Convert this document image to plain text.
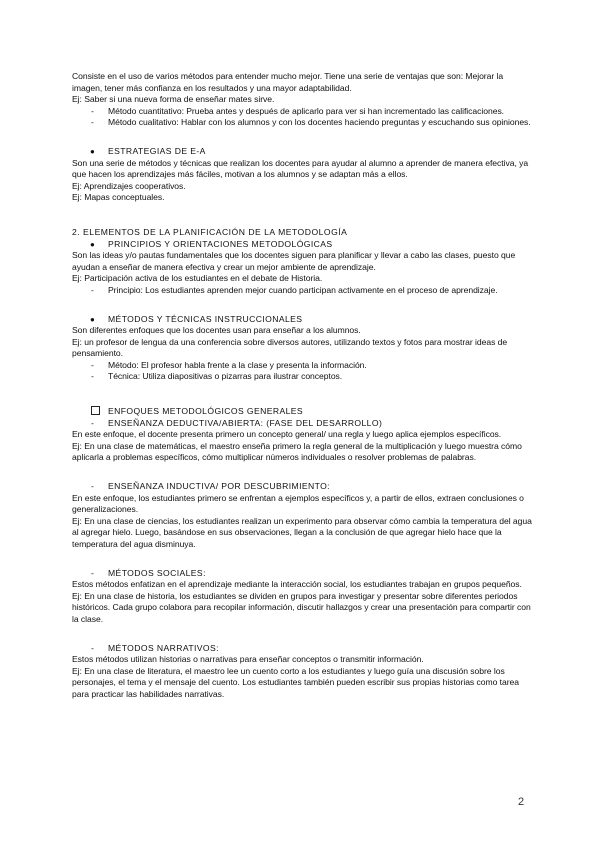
Consiste en el uso de varios métodos para entender mucho mejor. Tiene una serie de ventajas que son: Mejorar la imagen, tener más confianza en los resultados y una mayor adaptabilidad.

Ej: Saber si una nueva forma de enseñar mates sirve.

- Método cuantitativo: Prueba antes y después de aplicarlo para ver si han incrementado las calificaciones.
- Método cualitativo: Hablar con los alumnos y con los docentes haciendo preguntas y escuchando sus opiniones.
● ESTRATEGIAS DE E-A

Son una serie de métodos y técnicas que realizan los docentes para ayudar al alumno a aprender de manera efectiva, ya que hacen los aprendizajes más fáciles, motivan a los alumnos y se adaptan más a ellos.

Ej: Aprendizajes cooperativos.

Ej: Mapas conceptuales.

2. ELEMENTOS DE LA PLANIFICACIÓN DE LA METODOLOGÍA

● PRINCIPIOS Y ORIENTACIONES METODOLÓGICAS

Son las ideas y/o pautas fundamentales que los docentes siguen para planificar y llevar a cabo las clases, puesto que ayudan a enseñar de manera efectiva y crear un mejor ambiente de aprendizaje.

Ej: Participación activa de los estudiantes en el debate de Historia.

- Principio: Los estudiantes aprenden mejor cuando participan activamente en el proceso de aprendizaje.
● MÉTODOS Y TÉCNICAS INSTRUCCIONALES

Son diferentes enfoques que los docentes usan para enseñar a los alumnos.

Ej: un profesor de lengua da una conferencia sobre diversos autores, utilizando textos y fotos para mostrar ideas de pensamiento.

- Método: El profesor habla frente a la clase y presenta la información.
- Técnica: Utiliza diapositivas o pizarras para ilustrar conceptos.
ENFOQUES METODOLÓGICOS GENERALES
- ENSEÑANZA DEDUCTIVA/ABIERTA: (FASE DEL DESARROLLO)

En este enfoque, el docente presenta primero un concepto general/ una regla y luego aplica ejemplos específicos.

Ej: En una clase de matemáticas, el maestro enseña primero la regla general de la multiplicación y luego muestra cómo aplicarla a problemas específicos, cómo multiplicar números individuales o resolver problemas de palabras.

- ENSEÑANZA INDUCTIVA/ POR DESCUBRIMIENTO:

En este enfoque, los estudiantes primero se enfrentan a ejemplos específicos y, a partir de ellos, extraen conclusiones o generalizaciones.

Ej: En una clase de ciencias, los estudiantes realizan un experimento para observar cómo cambia la temperatura del agua al agregar hielo. Luego, basándose en sus observaciones, llegan a la conclusión de que agregar hielo hace que la temperatura del agua disminuya.

- MÉTODOS SOCIALES:

Estos métodos enfatizan en el aprendizaje mediante la interacción social, los estudiantes trabajan en grupos pequeños.

Ej: En una clase de historia, los estudiantes se dividen en grupos para investigar y presentar sobre diferentes periodos históricos. Cada grupo colabora para recopilar información, discutir hallazgos y crear una presentación para compartir con la clase.

- MÉTODOS NARRATIVOS:

Estos métodos utilizan historias o narrativas para enseñar conceptos o transmitir información.

Ej: En una clase de literatura, el maestro lee un cuento corto a los estudiantes y luego guía una discusión sobre los personajes, el tema y el mensaje del cuento. Los estudiantes también pueden escribir sus propias historias como tarea para practicar las habilidades narrativas.

2
